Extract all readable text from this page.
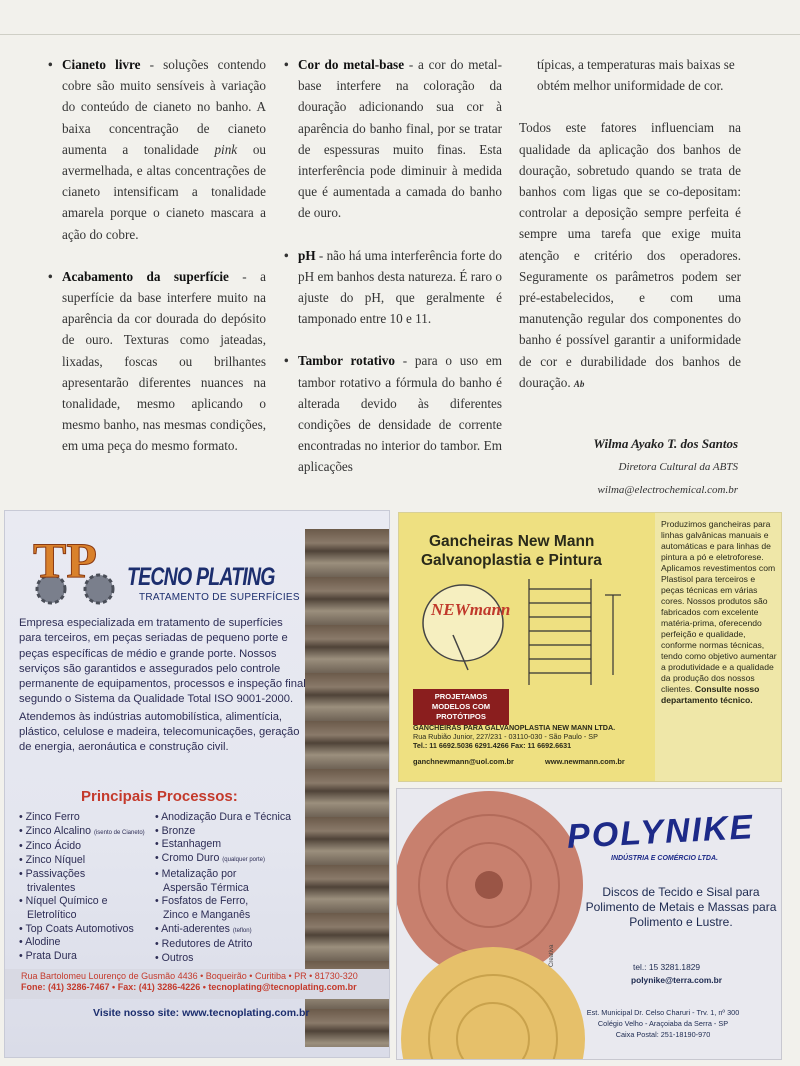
• Cianeto livre - soluções contendo cobre são muito sensíveis à variação do conteúdo de cianeto no banho. A baixa concentração de cianeto aumenta a tonalidade pink ou avermelhada, e altas concentrações de cianeto intensificam a tonalidade amarela porque o cianeto mascara a ação do cobre.
• Acabamento da superfície - a superfície da base interfere muito na aparência da cor dourada do depósito de ouro. Texturas como jateadas, lixadas, foscas ou brilhantes apresentarão diferentes nuances na tonalidade, mesmo aplicando o mesmo banho, nas mesmas condições, em uma peça do mesmo formato.
• Cor do metal-base - a cor do metal-base interfere na coloração da douração adicionando sua cor à aparência do banho final, por se tratar de espessuras muito finas. Esta interferência pode diminuir à medida que é aumentada a camada do banho de ouro.
• pH - não há uma interferência forte do pH em banhos desta natureza. É raro o ajuste do pH, que geralmente é tamponado entre 10 e 11.
• Tambor rotativo - para o uso em tambor rotativo a fórmula do banho é alterada devido às diferentes condições de densidade de corrente encontradas no interior do tambor. Em aplicações

típicas, a temperaturas mais baixas se obtém melhor uniformidade de cor.

Todos este fatores influenciam na qualidade da aplicação dos banhos de douração, sobretudo quando se trata de banhos com ligas que se co-depositam: controlar a deposição sempre perfeita é sempre uma tarefa que exige muita atenção e critério dos operadores. Seguramente os parâmetros podem ser pré-estabelecidos, e com uma manutenção regular dos componentes do banho é possível garantir a uniformidade de cor e durabilidade dos banhos de douração. Ab

Wilma Ayako T. dos Santos
Diretora Cultural da ABTS
wilma@electrochemical.com.br
TP TECNO PLATING
TRATAMENTO DE SUPERFÍCIES

Empresa especializada em tratamento de superfícies para terceiros, em peças seriadas de pequeno porte e peças específicas de médio e grande porte. Nossos serviços são garantidos e assegurados pelo controle permanente de equipamentos, processos e inspeção final segundo o Sistema da Qualidade Total ISO 9001-2000.

Atendemos às indústrias automobilística, alimentícia, plástico, celulose e madeira, telecomunicações, geração de energia, aeronáutica e construção civil.

Principais Processos:
• Zinco Ferro
• Zinco Alcalino (isento de Cianeto)
• Zinco Ácido
• Zinco Níquel
• Passivações
trivalentes
• Níquel Químico e
Eletrolítico
• Top Coats Automotivos
• Alodine
• Prata Dura
• Anodização Dura e Técnica
• Bronze
• Estanhagem
• Cromo Duro (qualquer porte)
• Metalização por
Aspersão Térmica
• Fosfatos de Ferro,
Zinco e Manganês
• Anti-aderentes (teflon)
• Redutores de Atrito
• Outros
Rua Bartolomeu Lourenço de Gusmão 4436 • Boqueirão • Curitiba • PR • 81730-320
Fone: (41) 3286-7467 • Fax: (41) 3286-4226 • tecnoplating@tecnoplating.com.br
Visite nosso site: www.tecnoplating.com.br
Gancheiras New Mann
Galvanoplastia e Pintura
NEWmann
PROJETAMOS MODELOS COM PROTÓTIPOS
GANCHEIRAS PARA GALVANOPLASTIA NEW MANN LTDA.
Rua Rubião Junior, 227/231 - 03110-030 - São Paulo - SP
Tel.: 11 6692.5036 6291.4266 Fax: 11 6692.6631
ganchnewmann@uol.com.br	www.newmann.com.br
Produzimos gancheiras para linhas galvânicas manuais e automáticas e para linhas de pintura a pó e eletroforese. Aplicamos revestimentos com Plastisol para terceiros e peças técnicas em várias cores. Nossos produtos são fabricados com excelente matéria-prima, oferecendo perfeição e qualidade, conforme normas técnicas, tendo como objetivo aumentar a produtividade e a qualidade da produção dos nossos clientes. Consulte nosso departamento técnico.
POLYNIKE
INDÚSTRIA E COMÉRCIO LTDA.
Discos de Tecido e Sisal para Polimento de Metais e Massas para Polimento e Lustre.
tel.: 15 3281.1829
polynike@terra.com.br
Est. Municipal Dr. Celso Charuri - Trv. 1, nº 300
Colégio Velho - Araçoiaba da Serra - SP
Caixa Postal: 251-18190-970
Creativa
